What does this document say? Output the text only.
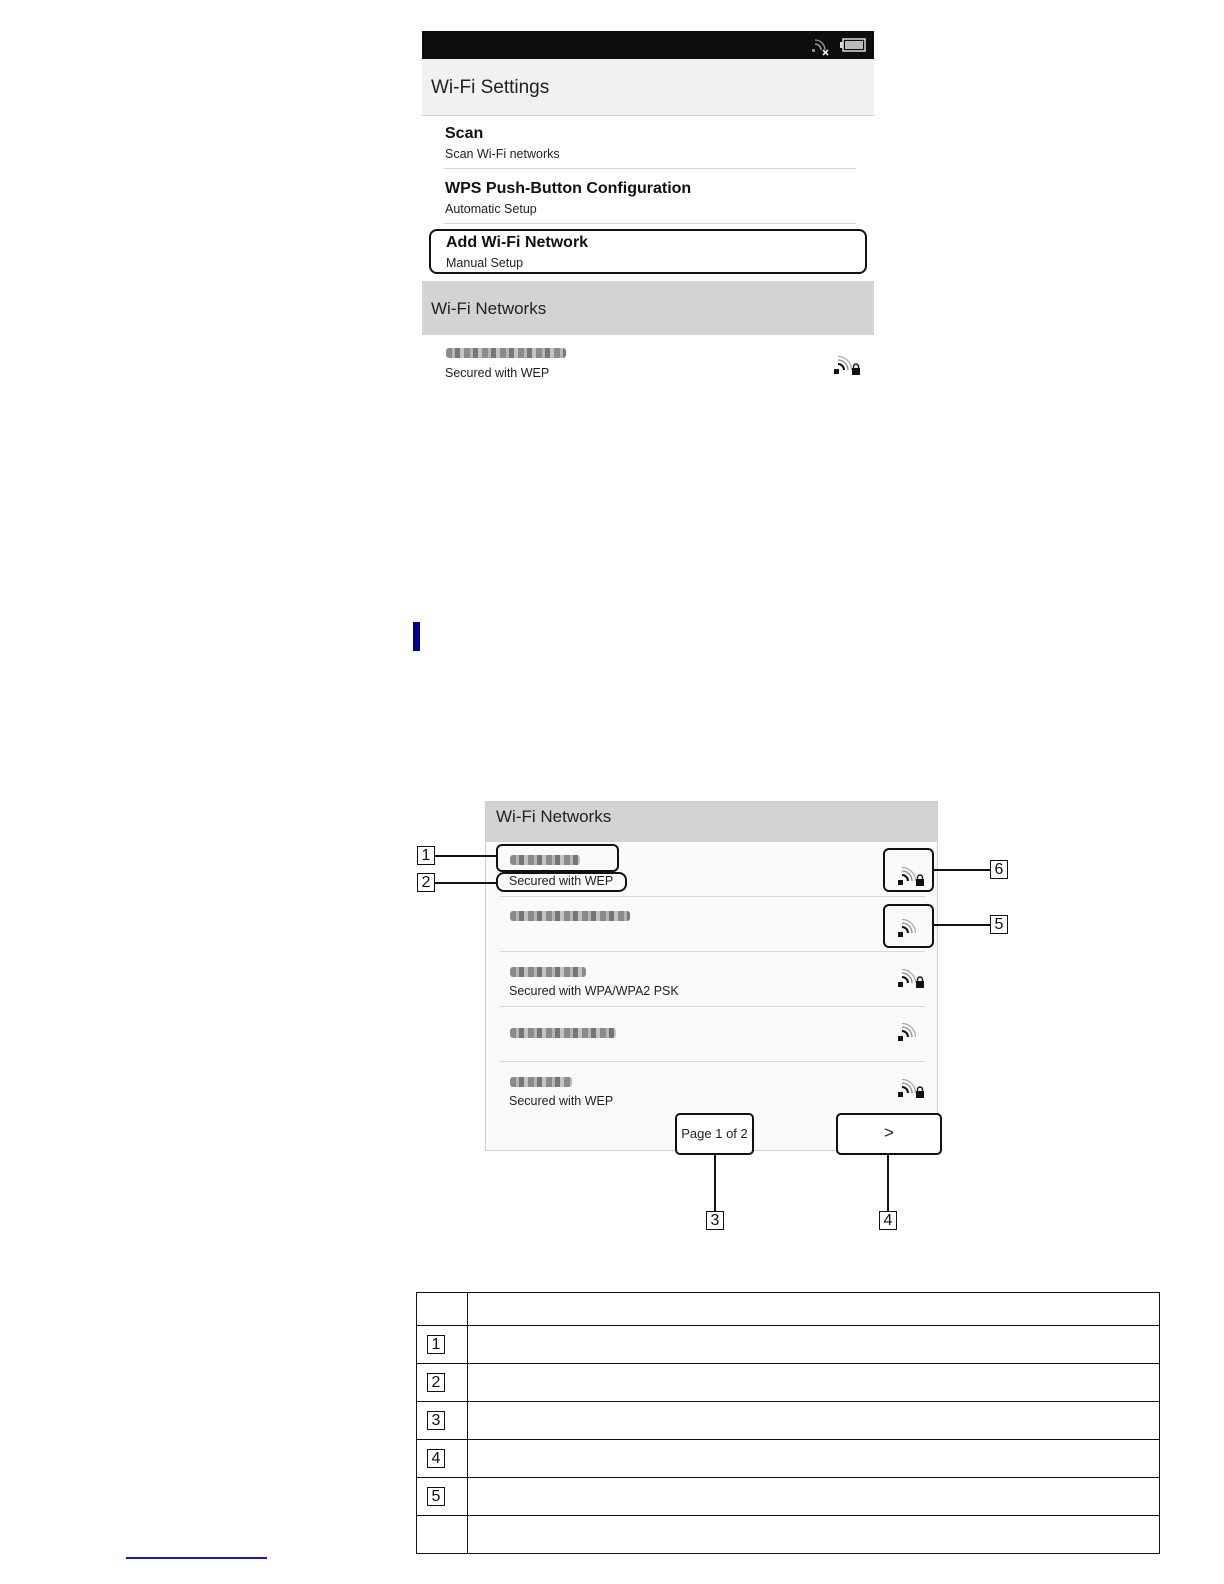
Wi-Fi Settings
Scan
Scan Wi-Fi networks
WPS Push-Button Configuration
Automatic Setup
Add Wi-Fi Network
Manual Setup
Wi-Fi Networks
Secured with WEP
Wi-Fi Networks
Secured with WEP
Secured with WPA/WPA2 PSK
Secured with WEP
Page 1 of 2	>
1
2
3	4
5
6

1	
2	
3	
4	
5	
